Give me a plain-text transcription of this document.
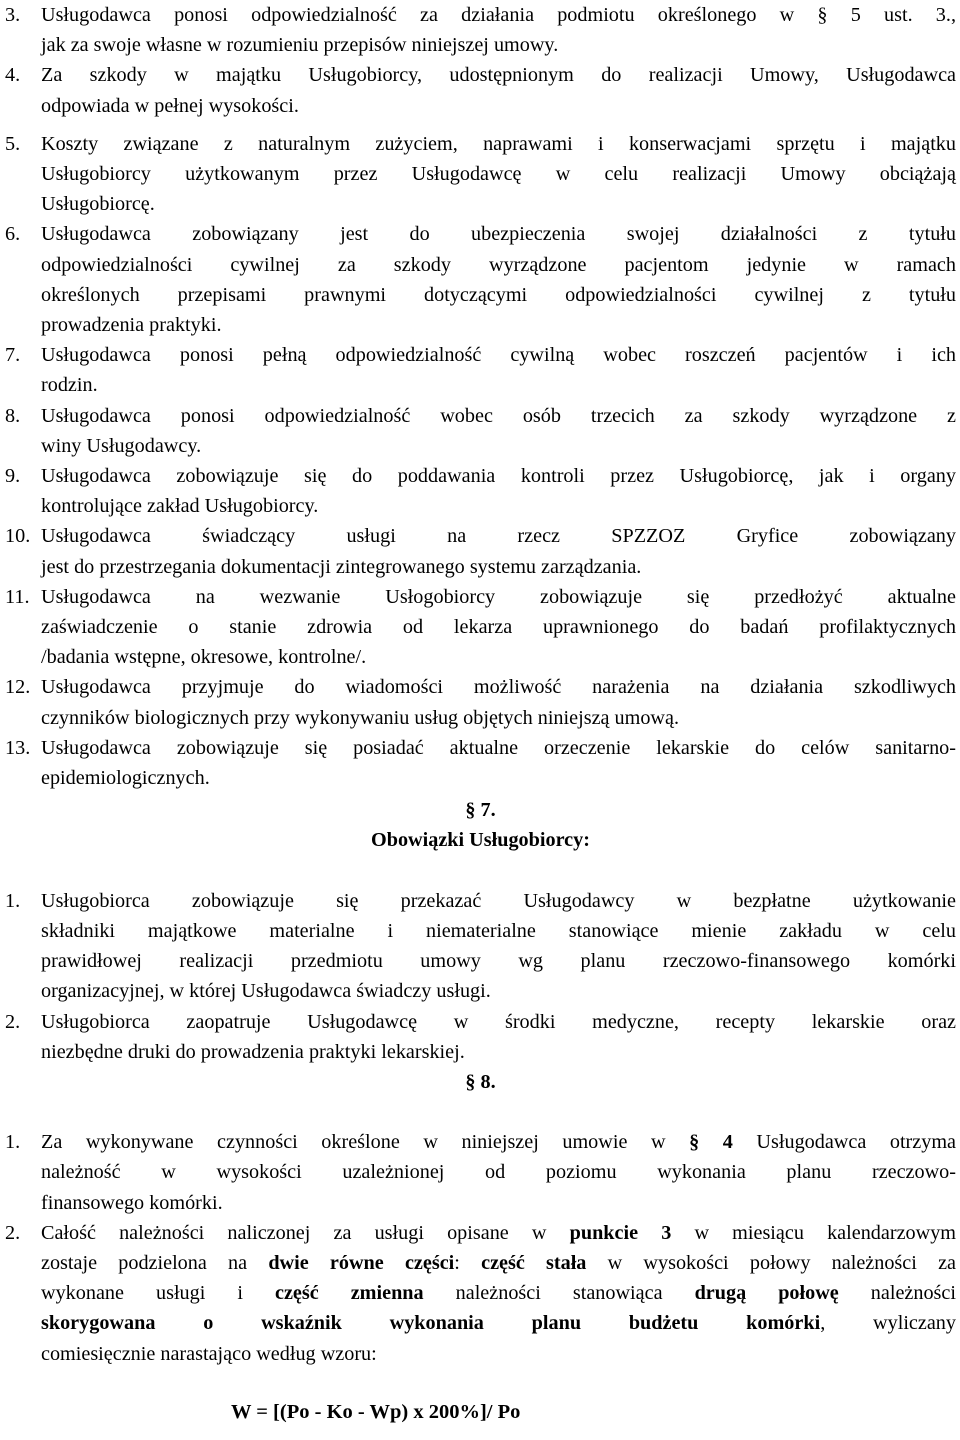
3.	Usługodawca ponosi odpowiedzialność za działania podmiotu określonego w § 5 ust. 3.,
jak za swoje własne w rozumieniu przepisów niniejszej umowy.
4.	Za szkody w majątku Usługobiorcy, udostępnionym do realizacji Umowy, Usługodawca
odpowiada w pełnej wysokości.
5.	Koszty związane z naturalnym zużyciem, naprawami i konserwacjami sprzętu i majątku
Usługobiorcy użytkowanym przez Usługodawcę w celu realizacji Umowy obciążają
Usługobiorcę.
6.	Usługodawca zobowiązany jest do ubezpieczenia swojej działalności z tytułu
odpowiedzialności cywilnej za szkody wyrządzone pacjentom jedynie w ramach
określonych przepisami prawnymi dotyczącymi odpowiedzialności cywilnej z tytułu
prowadzenia praktyki.
7.	Usługodawca ponosi pełną odpowiedzialność cywilną wobec roszczeń pacjentów i ich
rodzin.
8.	Usługodawca ponosi odpowiedzialność wobec osób trzecich za szkody wyrządzone z
winy Usługodawcy.
9.	Usługodawca zobowiązuje się do poddawania kontroli przez Usługobiorcę, jak i organy
kontrolujące zakład Usługobiorcy.
10. Usługodawca świadczący usługi na rzecz SPZZOZ Gryfice zobowiązany
jest do przestrzegania dokumentacji zintegrowanego systemu zarządzania.
11. Usługodawca na wezwanie Usłogobiorcy zobowiązuje się przedłożyć aktualne
zaświadczenie o stanie zdrowia od lekarza uprawnionego do badań profilaktycznych
/badania wstępne, okresowe, kontrolne/.
12. Usługodawca przyjmuje do wiadomości możliwość narażenia na działania szkodliwych
czynników biologicznych przy wykonywaniu usług objętych niniejszą umową.
13. Usługodawca zobowiązuje się posiadać aktualne orzeczenie lekarskie do celów sanitarno-
epidemiologicznych.
§ 7.
Obowiązki Usługobiorcy:
1.	Usługobiorca zobowiązuje się przekazać Usługodawcy w bezpłatne użytkowanie
składniki majątkowe materialne i niematerialne stanowiące mienie zakładu w celu
prawidłowej realizacji przedmiotu umowy wg planu rzeczowo-finansowego komórki
organizacyjnej, w której Usługodawca świadczy usługi.
2.	Usługobiorca zaopatruje Usługodawcę w środki medyczne, recepty lekarskie oraz
niezbędne druki do prowadzenia praktyki lekarskiej.
§ 8.
1.	Za wykonywane czynności określone w niniejszej umowie w § 4 Usługodawca otrzyma
należność w wysokości uzależnionej od poziomu wykonania planu rzeczowo-
finansowego komórki.
2.	Całość należności naliczonej za usługi opisane w punkcie 3 w miesiącu kalendarzowym
zostaje podzielona na dwie równe części: część stała w wysokości połowy należności za
wykonane usługi i część zmienna należności stanowiąca drugą połowę należności
skorygowana o wskaźnik wykonania planu budżetu komórki, wyliczany
comiesięcznie narastająco według wzoru:
W = [(Po - Ko - Wp) x 200%]/ Po
